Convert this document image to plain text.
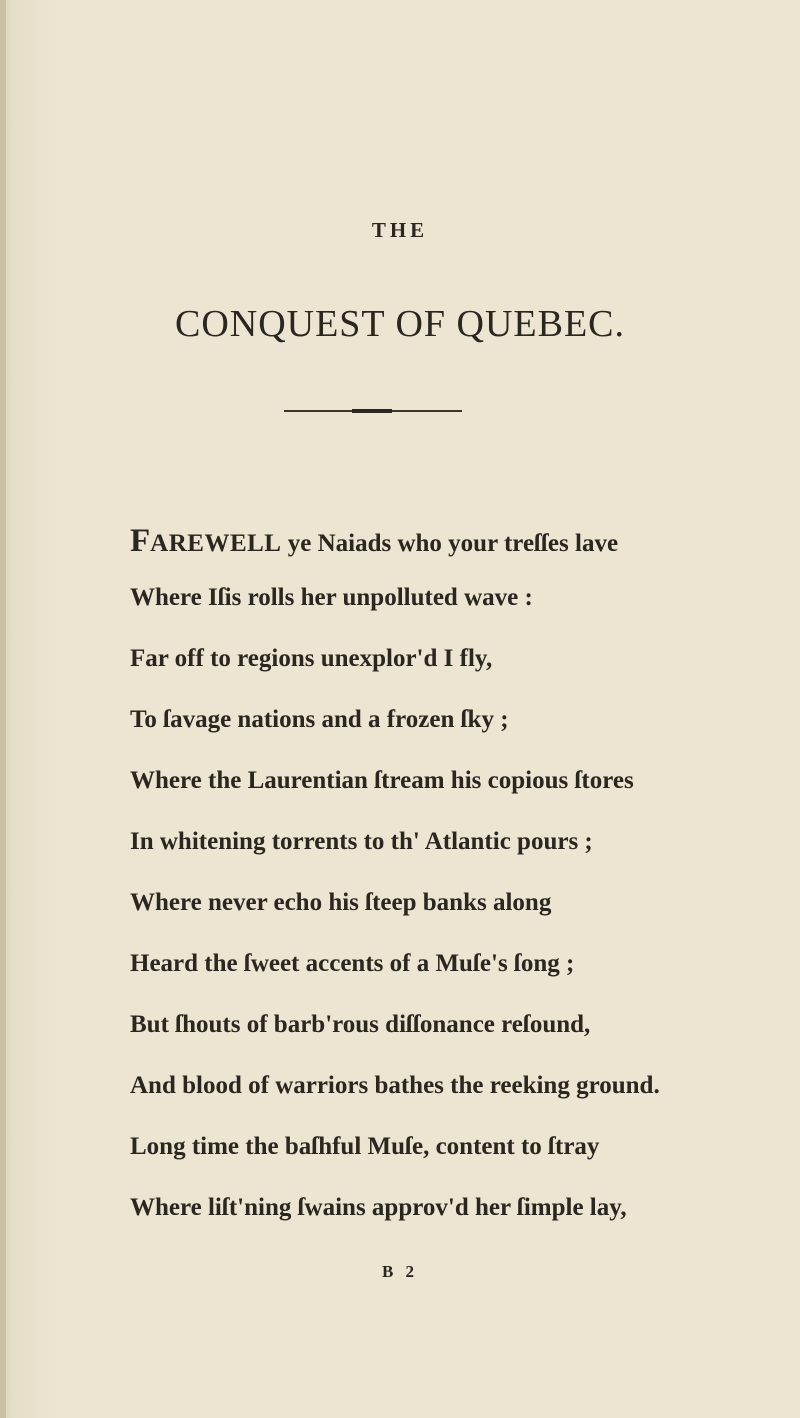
THE
CONQUEST OF QUEBEC.
FAREWELL ye Naiads who your treſſes lave
Where Iſis rolls her unpolluted wave :
Far off to regions unexplor'd I fly,
To ſavage nations and a frozen ſky ;
Where the Laurentian ſtream his copious ſtores
In whitening torrents to th' Atlantic pours ;
Where never echo his ſteep banks along
Heard the ſweet accents of a Muſe's ſong ;
But ſhouts of barb'rous diſſonance reſound,
And blood of warriors bathes the reeking ground.
Long time the baſhful Muſe, content to ſtray
Where liſt'ning ſwains approv'd her ſimple lay,
B 2
